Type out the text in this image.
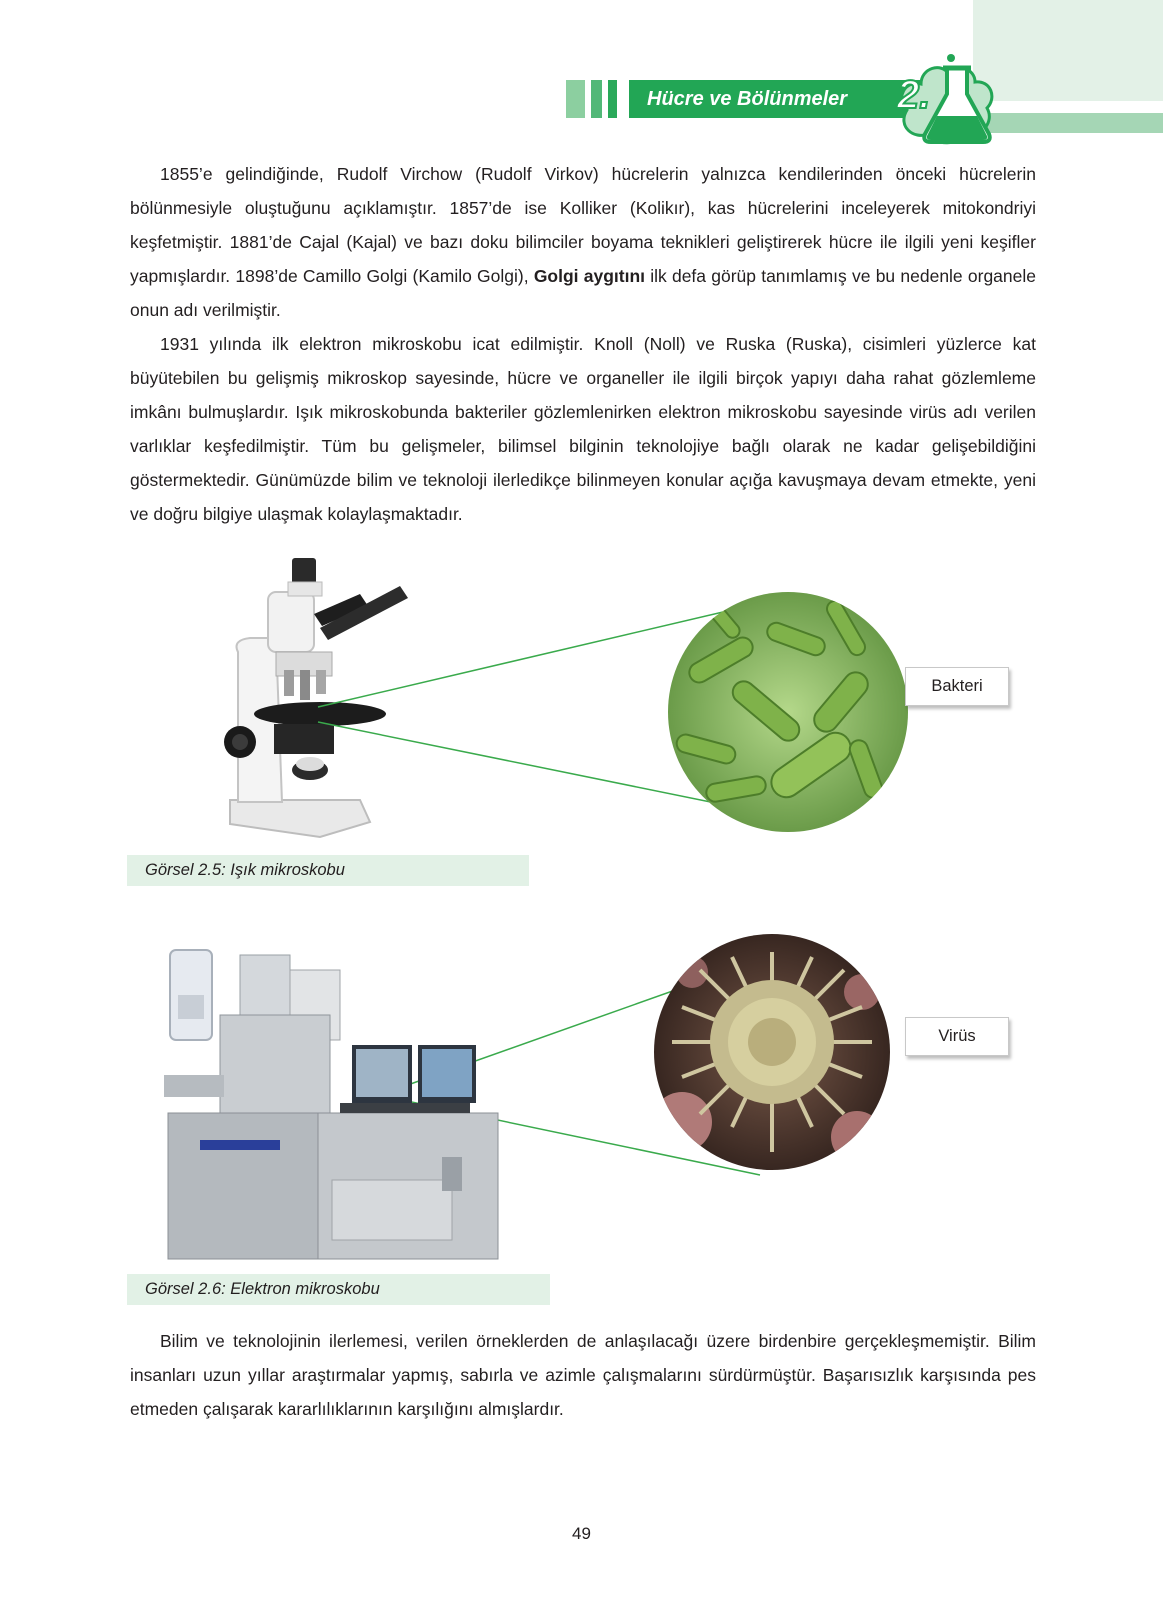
Hücre ve Bölünmeler	2.

1855’e gelindiğinde, Rudolf Virchow (Rudolf Virkov) hücrelerin yalnızca kendilerinden önceki hücrelerin bölünmesiyle oluştuğunu açıklamıştır. 1857’de ise Kolliker (Kolikır), kas hücrelerini inceleyerek mitokondriyi keşfetmiştir. 1881’de Cajal (Kajal) ve bazı doku bilimciler boyama teknikleri geliştirerek hücre ile ilgili yeni keşifler yapmışlardır. 1898’de Camillo Golgi (Kamilo Golgi), Golgi aygıtını ilk defa görüp tanımlamış ve bu nedenle organele onun adı verilmiştir.

1931 yılında ilk elektron mikroskobu icat edilmiştir. Knoll (Noll) ve Ruska (Ruska), cisimleri yüzlerce kat büyütebilen bu gelişmiş mikroskop sayesinde, hücre ve organeller ile ilgili birçok yapıyı daha rahat gözlemleme imkânı bulmuşlardır. Işık mikroskobunda bakteriler gözlemlenirken elektron mikroskobu sayesinde virüs adı verilen varlıklar keşfedilmiştir. Tüm bu gelişmeler, bilimsel bilginin teknolojiye bağlı olarak ne kadar gelişebildiğini göstermektedir. Günümüzde bilim ve teknoloji ilerledikçe bilinmeyen konular açığa kavuşmaya devam etmekte, yeni ve doğru bilgiye ulaşmak kolaylaşmaktadır.

Bakteri
Görsel 2.5: Işık mikroskobu
Virüs
Görsel 2.6: Elektron mikroskobu

Bilim ve teknolojinin ilerlemesi, verilen örneklerden de anlaşılacağı üzere birdenbire gerçekleşmemiştir. Bilim insanları uzun yıllar araştırmalar yapmış, sabırla ve azimle çalışmalarını sürdürmüştür. Başarısızlık karşısında pes etmeden çalışarak kararlılıklarının karşılığını almışlardır.

49
